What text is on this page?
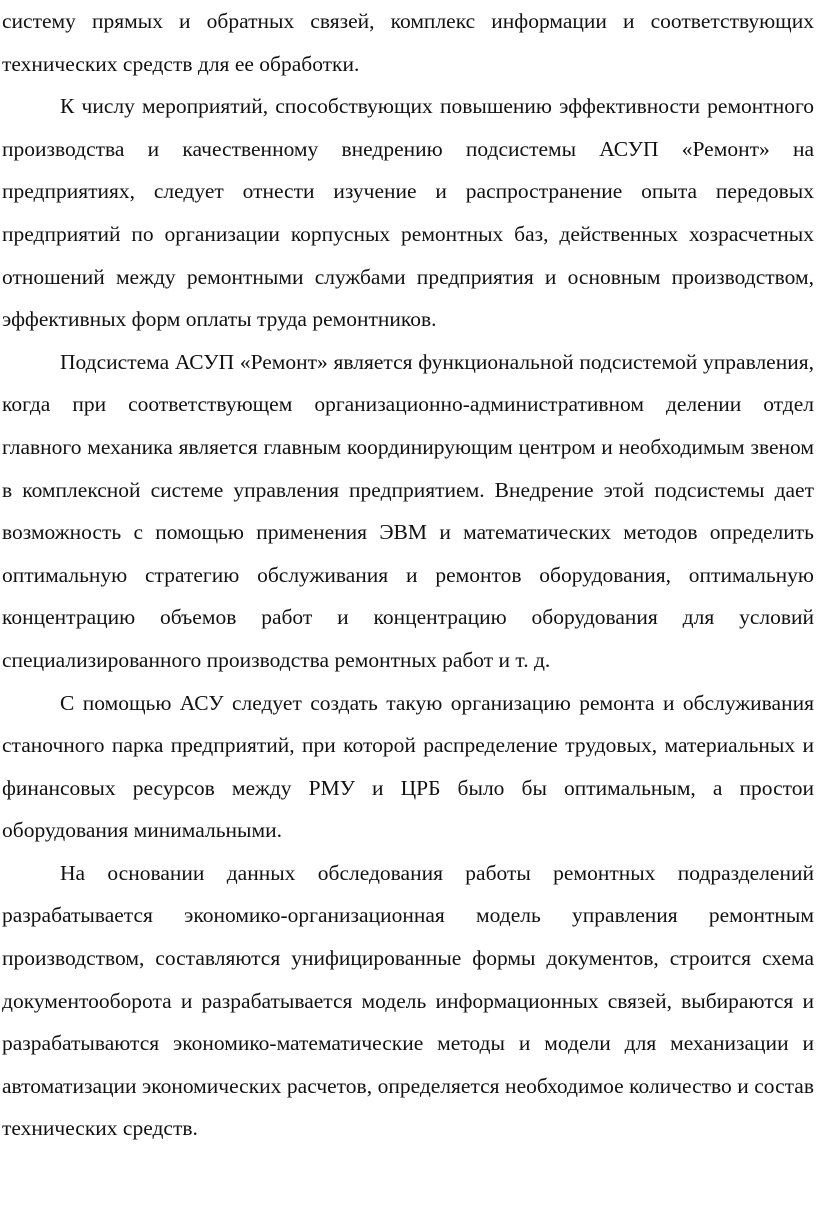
систему прямых и обратных связей, комплекс информации и соответствующих технических средств для ее обработки.

К числу мероприятий, способствующих повышению эффективности ремонтного производства и качественному внедрению подсистемы АСУП «Ремонт» на предприятиях, следует отнести изучение и распространение опыта передовых предприятий по организации корпусных ремонтных баз, действенных хозрасчетных отношений между ремонтными службами предприятия и основным производством, эффективных форм оплаты труда ремонтников.

Подсистема АСУП «Ремонт» является функциональной подсистемой управления, когда при соответствующем организационно-административном делении отдел главного механика является главным координирующим центром и необходимым звеном в комплексной системе управления предприятием. Внедрение этой подсистемы дает возможность с помощью применения ЭВМ и математических методов определить оптимальную стратегию обслуживания и ремонтов оборудования, оптимальную концентрацию объемов работ и концентрацию оборудования для условий специализированного производства ремонтных работ и т. д.

С помощью АСУ следует создать такую организацию ремонта и обслуживания станочного парка предприятий, при которой распределение трудовых, материальных и финансовых ресурсов между РМУ и ЦРБ было бы оптимальным, а простои оборудования минимальными.

На основании данных обследования работы ремонтных подразделений разрабатывается экономико-организационная модель управления ремонтным производством, составляются унифицированные формы документов, строится схема документооборота и разрабатывается модель информационных связей, выбираются и разрабатываются экономико-математические методы и модели для механизации и автоматизации экономических расчетов, определяется необходимое количество и состав технических средств.
